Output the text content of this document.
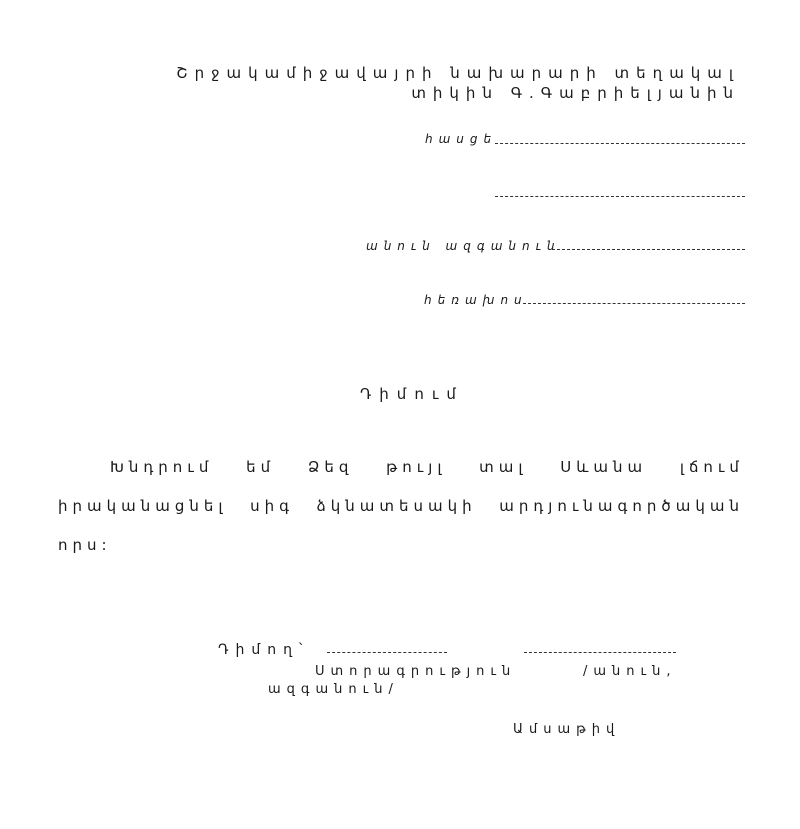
Շրջակամիջավայրի նախարարի տեղակալ
տիկին Գ.Գաբրիելյանին
հասցե
անուն ազգանուն
հեռախոս
Դիմում
Խնդրում եմ Ձեզ թույլ տալ Սևանա լճում
իրականացնել սիգ ձկնատեսակի արդյունագործական
որս:
Դիմող՝
Ստորագրություն	/անուն,
ազգանուն/
Ամսաթիվ
